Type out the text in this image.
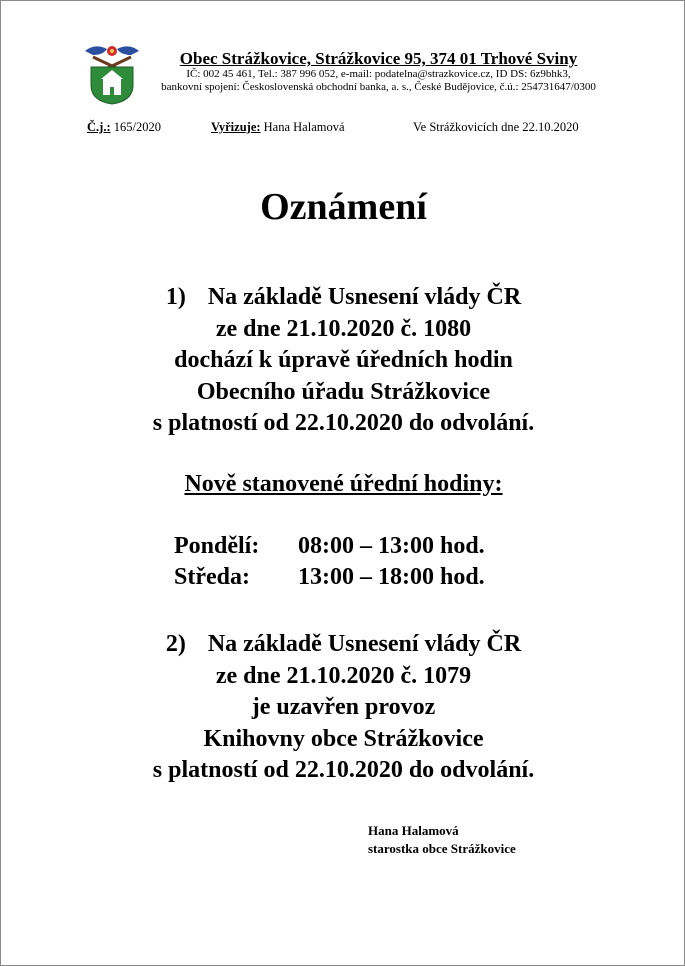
Obec Strážkovice, Strážkovice 95, 374 01 Trhové Sviny
IČ: 002 45 461, Tel.: 387 996 052, e-mail: podatelna@strazkovice.cz, ID DS: 6z9bhk3,
bankovní spojení: Československá obchodní banka, a. s., České Budějovice, č.ú.: 254731647/0300
Č.j.: 165/2020	Vyřizuje: Hana Halamová	Ve Strážkovicích dne 22.10.2020
Oznámení
1) Na základě Usnesení vlády ČR
ze dne 21.10.2020 č. 1080
dochází k úpravě úředních hodin
Obecního úřadu Strážkovice
s platností od 22.10.2020 do odvolání.
Nově stanovené úřední hodiny:
Pondělí: 08:00 – 13:00 hod.
Středa: 13:00 – 18:00 hod.
2) Na základě Usnesení vlády ČR
ze dne 21.10.2020 č. 1079
je uzavřen provoz
Knihovny obce Strážkovice
s platností od 22.10.2020 do odvolání.
Hana Halamová
starostka obce Strážkovice
